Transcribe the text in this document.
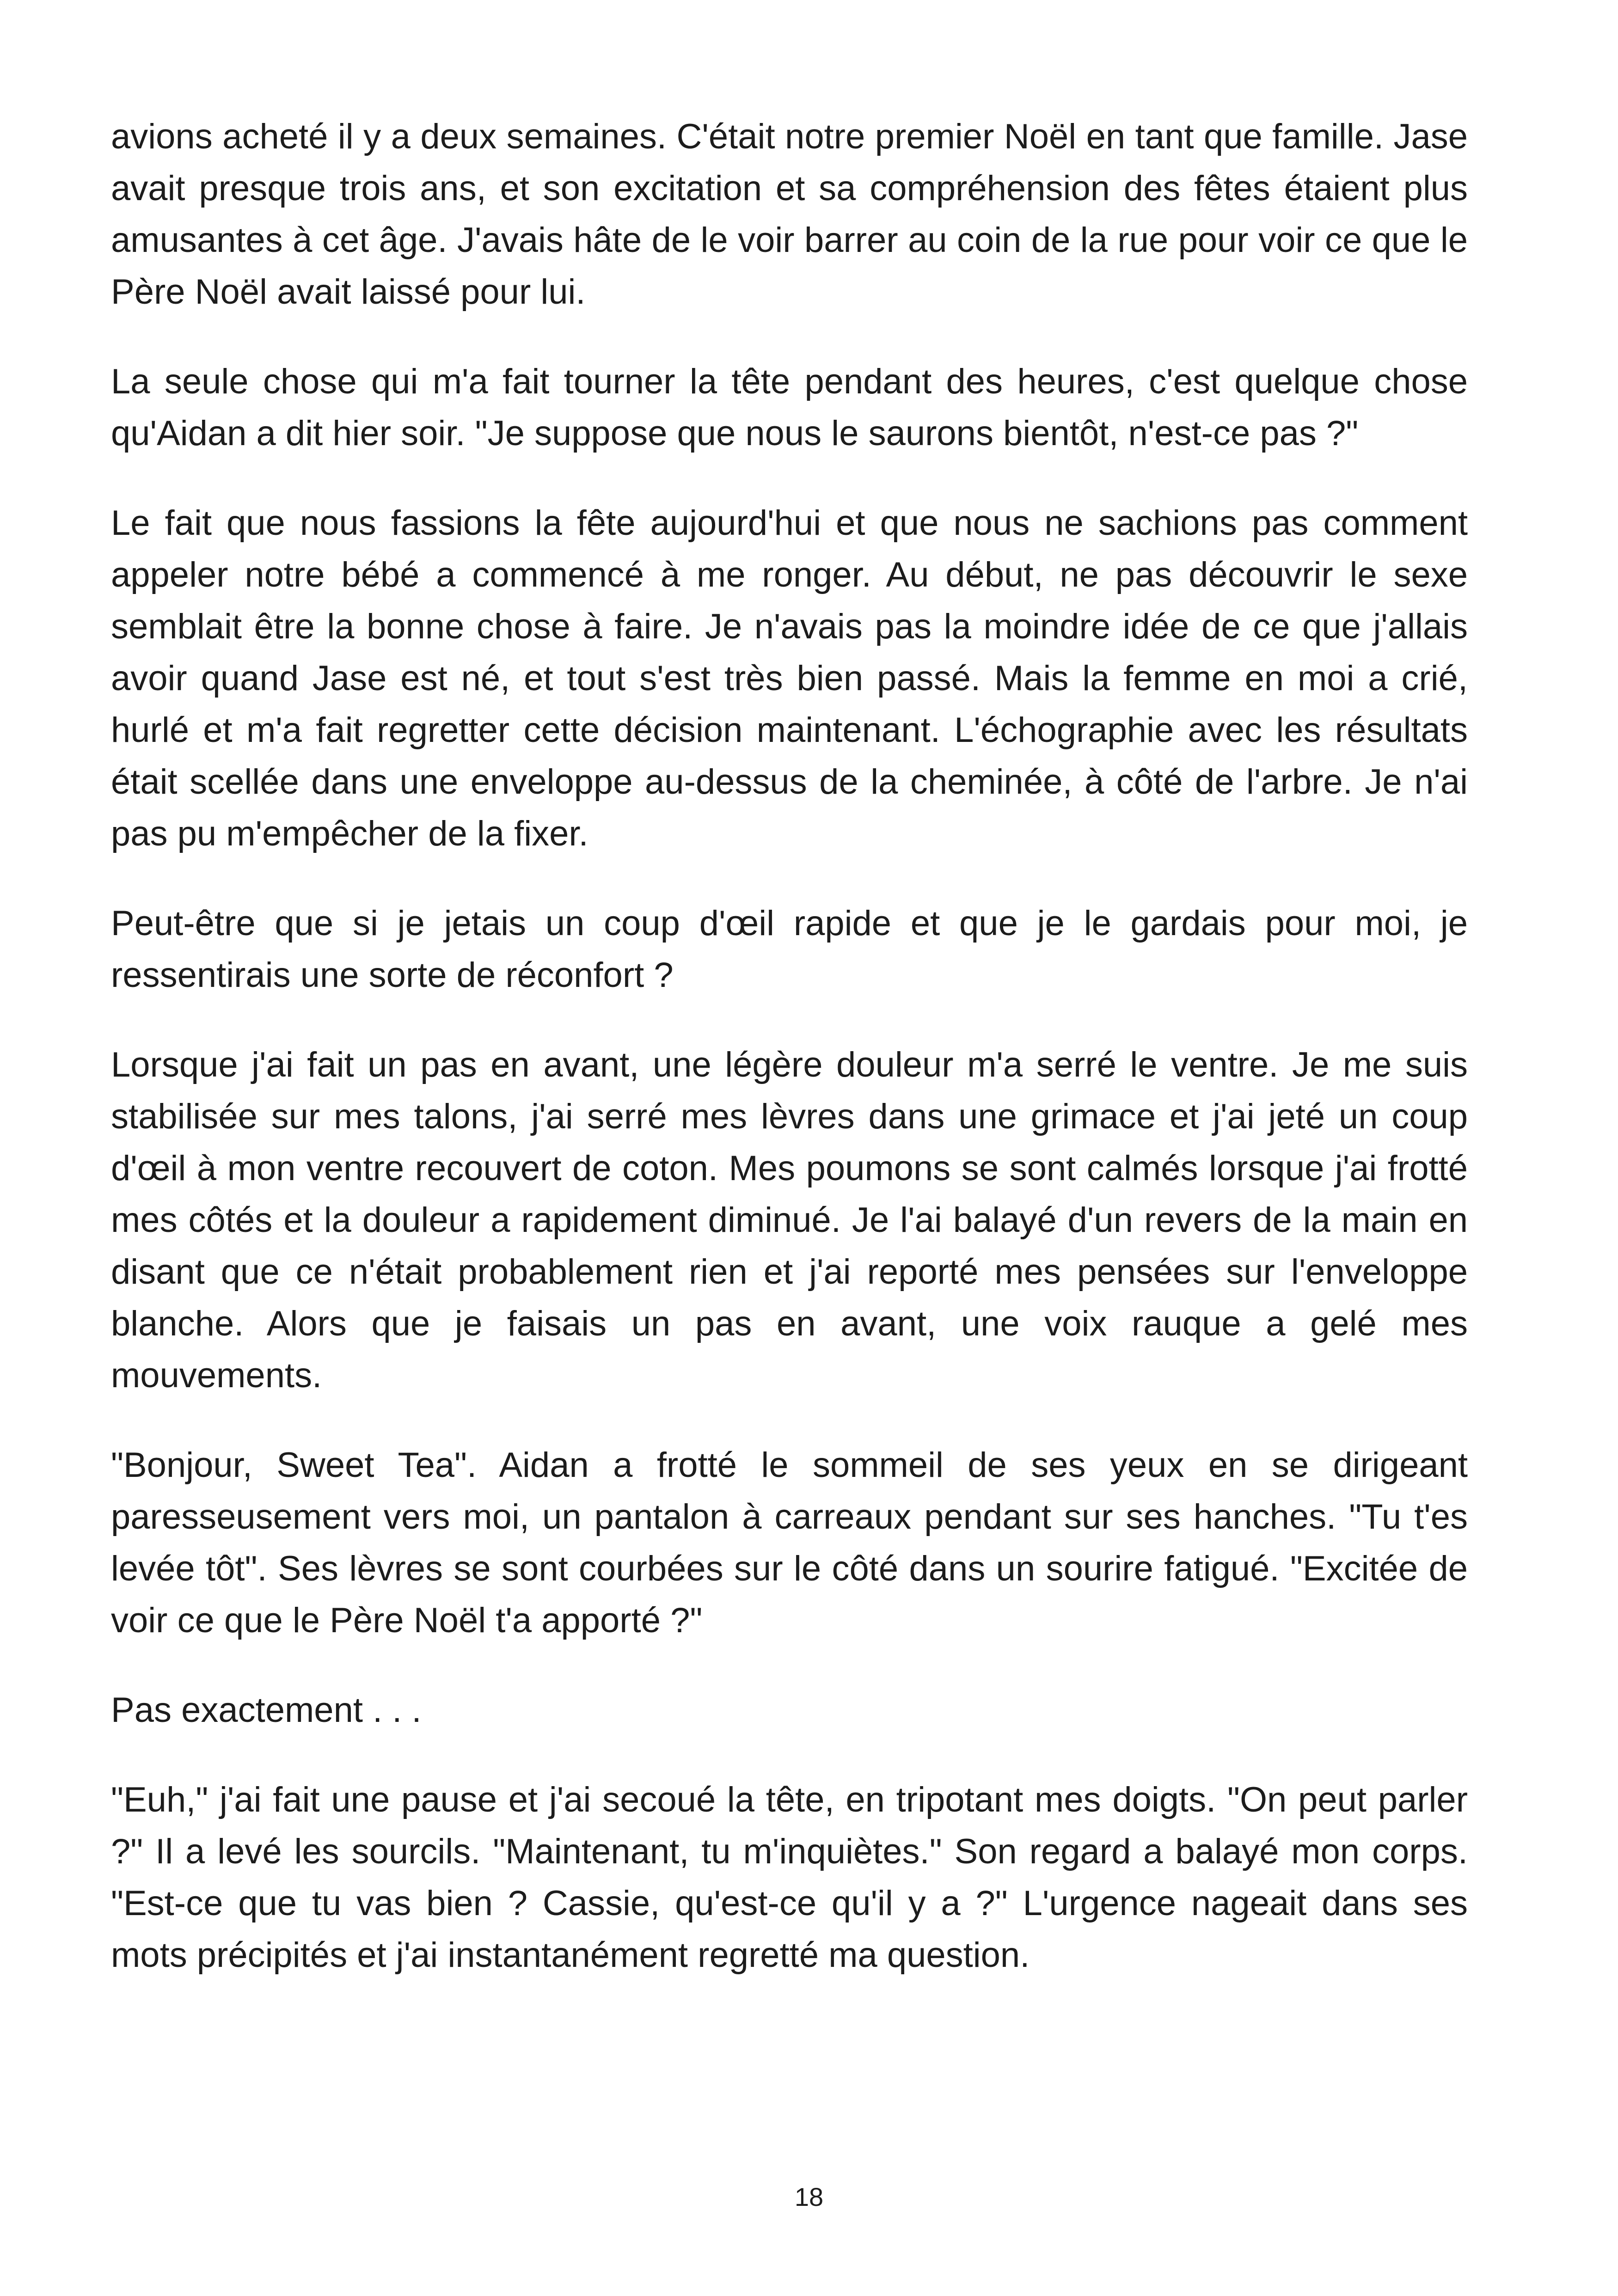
avions acheté il y a deux semaines. C'était notre premier Noël en tant que famille. Jase avait presque trois ans, et son excitation et sa compréhension des fêtes étaient plus amusantes à cet âge. J'avais hâte de le voir barrer au coin de la rue pour voir ce que le Père Noël avait laissé pour lui.

La seule chose qui m'a fait tourner la tête pendant des heures, c'est quelque chose qu'Aidan a dit hier soir. "Je suppose que nous le saurons bientôt, n'est-ce pas ?"

Le fait que nous fassions la fête aujourd'hui et que nous ne sachions pas comment appeler notre bébé a commencé à me ronger. Au début, ne pas découvrir le sexe semblait être la bonne chose à faire. Je n'avais pas la moindre idée de ce que j'allais avoir quand Jase est né, et tout s'est très bien passé. Mais la femme en moi a crié, hurlé et m'a fait regretter cette décision maintenant. L'échographie avec les résultats était scellée dans une enveloppe au-dessus de la cheminée, à côté de l'arbre. Je n'ai pas pu m'empêcher de la fixer.

Peut-être que si je jetais un coup d'œil rapide et que je le gardais pour moi, je ressentirais une sorte de réconfort ?

Lorsque j'ai fait un pas en avant, une légère douleur m'a serré le ventre. Je me suis stabilisée sur mes talons, j'ai serré mes lèvres dans une grimace et j'ai jeté un coup d'œil à mon ventre recouvert de coton. Mes poumons se sont calmés lorsque j'ai frotté mes côtés et la douleur a rapidement diminué. Je l'ai balayé d'un revers de la main en disant que ce n'était probablement rien et j'ai reporté mes pensées sur l'enveloppe blanche. Alors que je faisais un pas en avant, une voix rauque a gelé mes mouvements.

"Bonjour, Sweet Tea". Aidan a frotté le sommeil de ses yeux en se dirigeant paresseusement vers moi, un pantalon à carreaux pendant sur ses hanches. "Tu t'es levée tôt". Ses lèvres se sont courbées sur le côté dans un sourire fatigué. "Excitée de voir ce que le Père Noël t'a apporté ?"

Pas exactement . . .

"Euh," j'ai fait une pause et j'ai secoué la tête, en tripotant mes doigts. "On peut parler ?" Il a levé les sourcils. "Maintenant, tu m'inquiètes." Son regard a balayé mon corps. "Est-ce que tu vas bien ? Cassie, qu'est-ce qu'il y a ?" L'urgence nageait dans ses mots précipités et j'ai instantanément regretté ma question.

18
